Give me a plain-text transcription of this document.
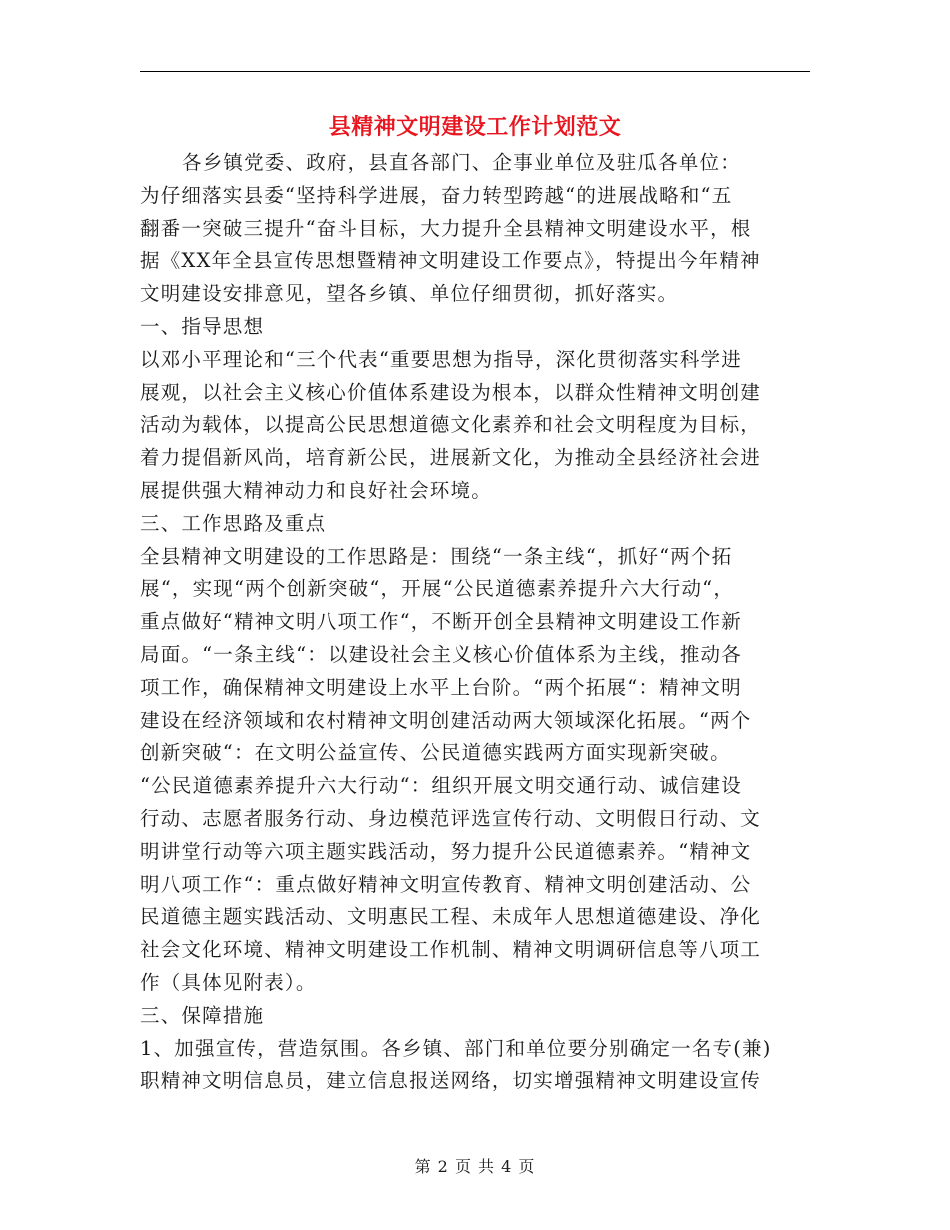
县精神文明建设工作计划范文
各乡镇党委、政府，县直各部门、企事业单位及驻瓜各单位：
为仔细落实县委“坚持科学进展，奋力转型跨越“的进展战略和“五
翻番一突破三提升“奋斗目标，大力提升全县精神文明建设水平，根
据《XX年全县宣传思想暨精神文明建设工作要点》，特提出今年精神
文明建设安排意见，望各乡镇、单位仔细贯彻，抓好落实。
一、指导思想
以邓小平理论和“三个代表“重要思想为指导，深化贯彻落实科学进
展观，以社会主义核心价值体系建设为根本，以群众性精神文明创建
活动为载体，以提高公民思想道德文化素养和社会文明程度为目标，
着力提倡新风尚，培育新公民，进展新文化，为推动全县经济社会进
展提供强大精神动力和良好社会环境。
三、工作思路及重点
全县精神文明建设的工作思路是：围绕“一条主线“，抓好“两个拓
展“，实现“两个创新突破“，开展“公民道德素养提升六大行动“，
重点做好“精神文明八项工作“，不断开创全县精神文明建设工作新
局面。“一条主线“：以建设社会主义核心价值体系为主线，推动各
项工作，确保精神文明建设上水平上台阶。“两个拓展“：精神文明
建设在经济领域和农村精神文明创建活动两大领域深化拓展。“两个
创新突破“：在文明公益宣传、公民道德实践两方面实现新突破。
“公民道德素养提升六大行动“：组织开展文明交通行动、诚信建设
行动、志愿者服务行动、身边模范评选宣传行动、文明假日行动、文
明讲堂行动等六项主题实践活动，努力提升公民道德素养。“精神文
明八项工作“：重点做好精神文明宣传教育、精神文明创建活动、公
民道德主题实践活动、文明惠民工程、未成年人思想道德建设、净化
社会文化环境、精神文明建设工作机制、精神文明调研信息等八项工
作（具体见附表）。
三、保障措施
1、加强宣传，营造氛围。各乡镇、部门和单位要分别确定一名专(兼)
职精神文明信息员，建立信息报送网络，切实增强精神文明建设宣传
第 2 页 共 4 页
